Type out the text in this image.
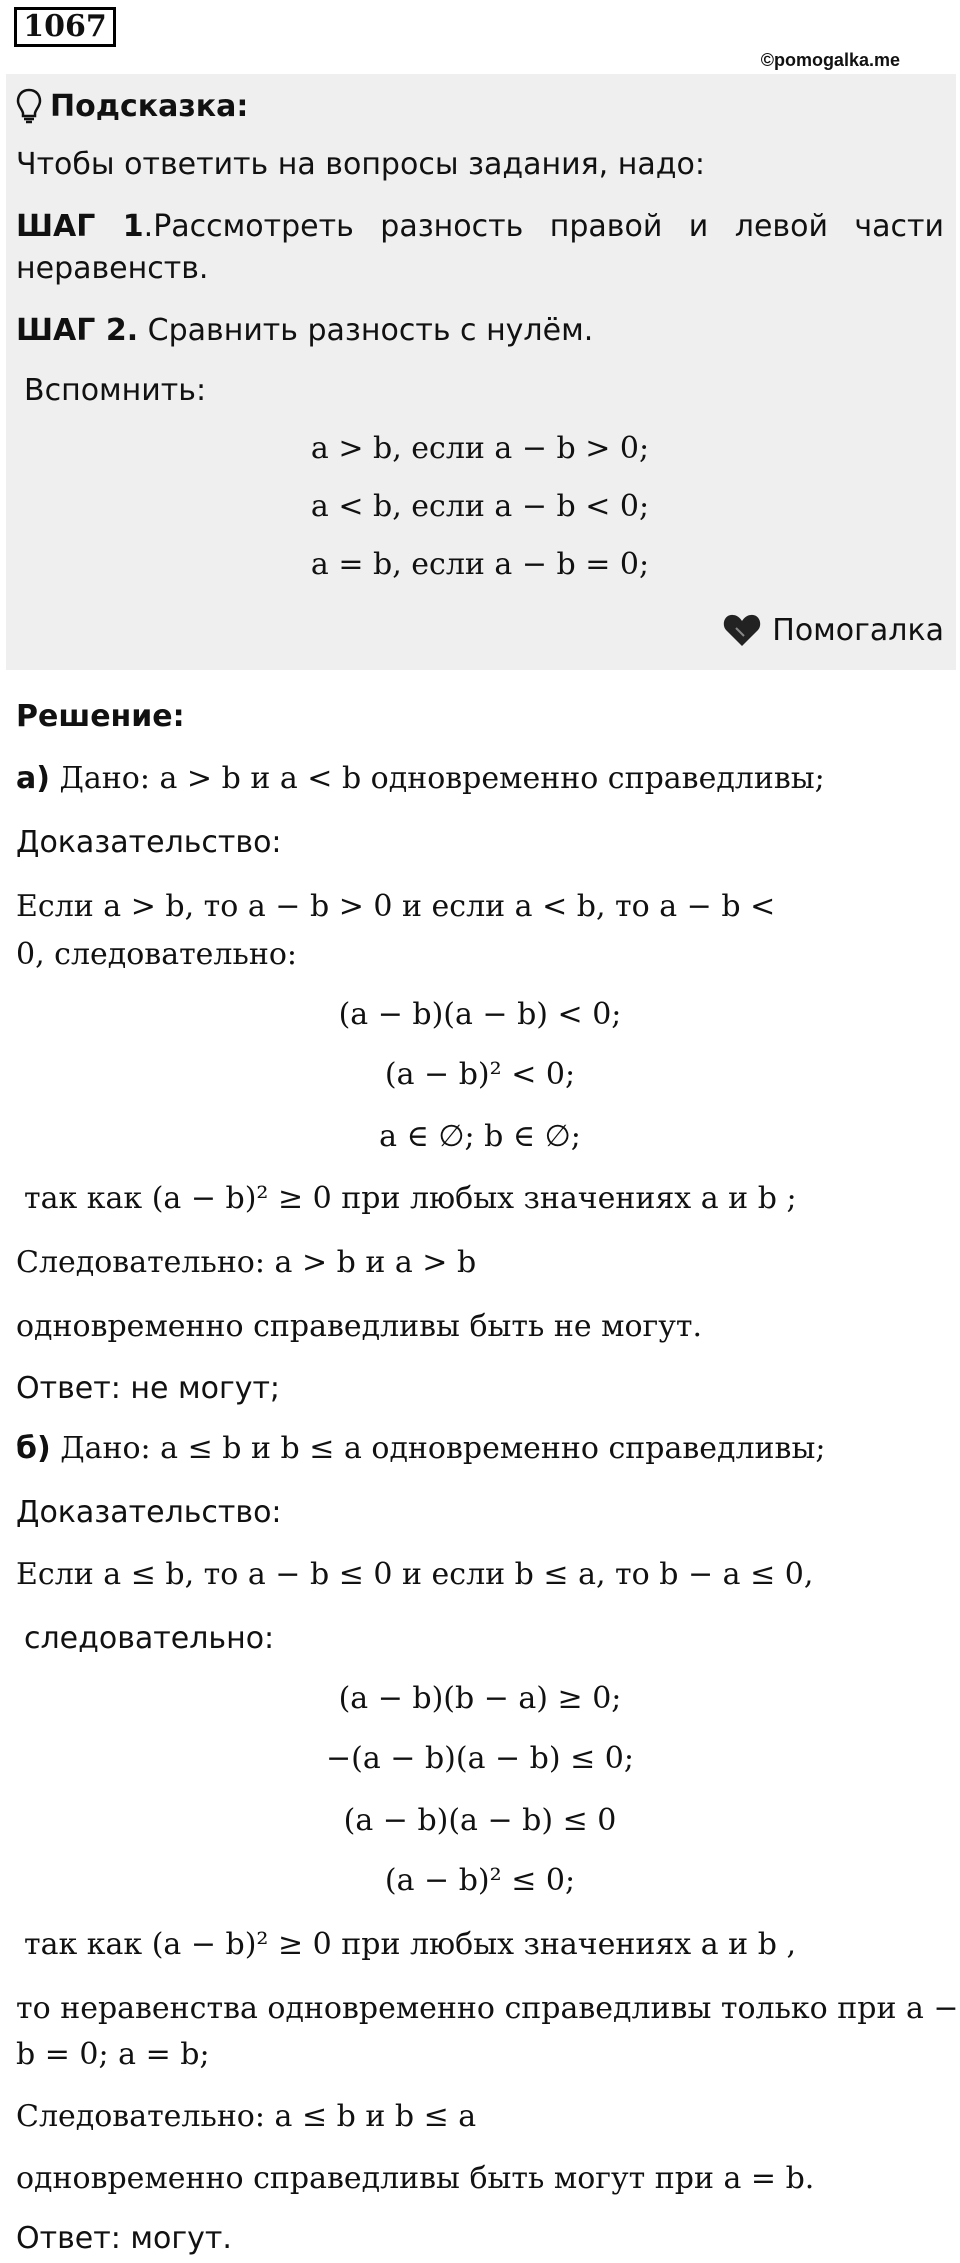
1067
©pomogalka.me
Подсказка:
Чтобы ответить на вопросы задания, надо:
ШАГ 1.Рассмотреть разность правой и левой части
неравенств.
ШАГ 2. Сравнить разность с нулём.
Вспомнить:
a > b, если a − b > 0;
a < b, если a − b < 0;
a = b, если a − b = 0;
Помогалка
Решение:
а) Дано: a > b и a < b одновременно справедливы;
Доказательство:
Если a > b, то a − b > 0 и если a < b, то a − b <
0, следовательно:
(a − b)(a − b) < 0;
(a − b)² < 0;
a ∈ ∅; b ∈ ∅;
так как (a − b)² ≥ 0 при любых значениях a и b ;
Следовательно: a > b и a > b
одновременно справедливы быть не могут.
Ответ: не могут;
б) Дано: a ≤ b и b ≤ a одновременно справедливы;
Доказательство:
Если a ≤ b, то a − b ≤ 0 и если b ≤ a, то b − a ≤ 0,
следовательно:
(a − b)(b − a) ≥ 0;
−(a − b)(a − b) ≤ 0;
(a − b)(a − b) ≤ 0
(a − b)² ≤ 0;
так как (a − b)² ≥ 0 при любых значениях a и b ,
то неравенства одновременно справедливы только при a −
b = 0; a = b;
Следовательно: a ≤ b и b ≤ a
одновременно справедливы быть могут при a = b.
Ответ: могут.
